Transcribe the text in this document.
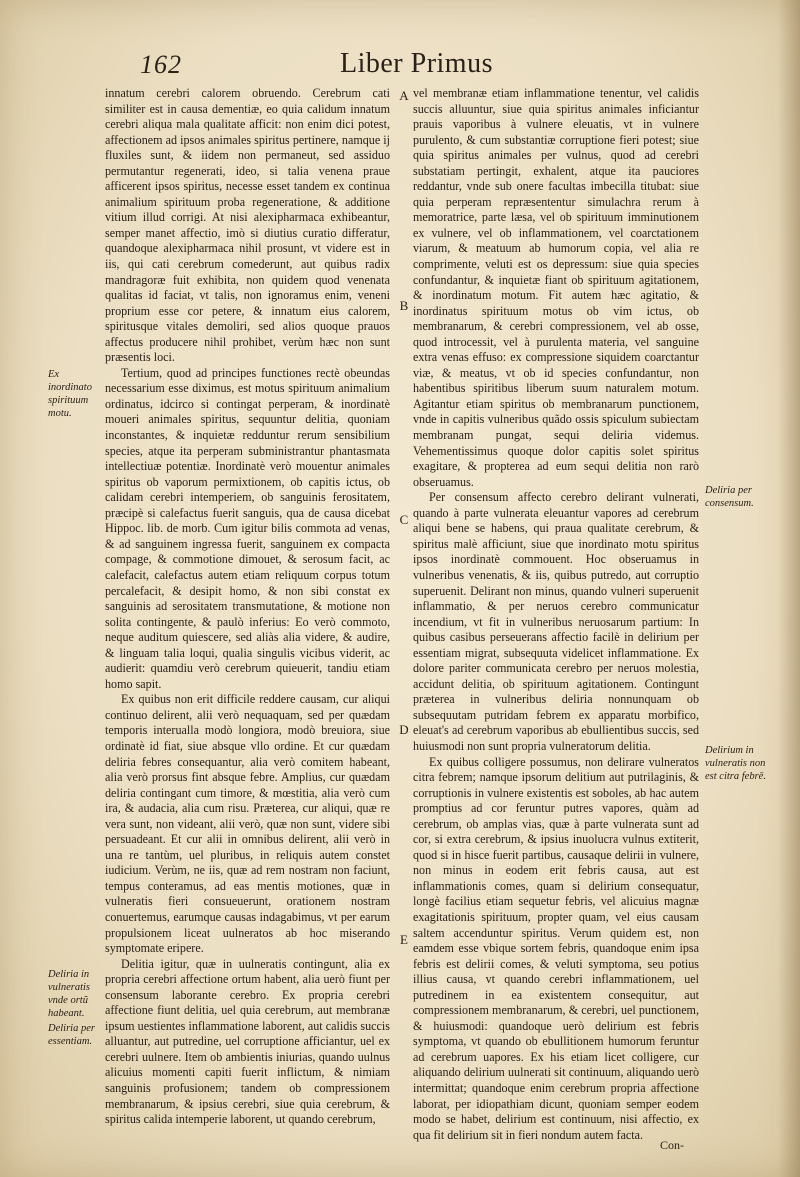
162	Liber Primus

innatum cerebri calorem obruendo. Cerebrum cati similiter est in causa dementiæ, eo quia calidum innatum cerebri aliqua mala qualitate afficit: non enim dici potest, affectionem ad ipsos animales spiritus pertinere, namque ij fluxiles sunt, & iidem non permaneut, sed assiduo permutantur regenerati, ideo, si talia venena praue afficerent ipsos spiritus, necesse esset tandem ex continua animalium spirituum proba regeneratione, & additione vitium illud corrigi. At nisi alexipharmaca exhibeantur, semper manet affectio, imò si diutius curatio differatur, quandoque alexipharmaca nihil prosunt, vt videre est in iis, qui cati cerebrum comederunt, aut quibus radix mandragoræ fuit exhibita, non quidem quod venenata qualitas id faciat, vt talis, non ignoramus enim, veneni proprium esse cor petere, & innatum eius calorem, spiritusque vitales demoliri, sed alios quoque prauos affectus producere nihil prohibet, verùm hæc non sunt præsentis loci.

Tertium, quod ad principes functiones rectè obeundas necessarium esse diximus, est motus spirituum animalium ordinatus, idcirco si contingat perperam, & inordinatè moueri animales spiritus, sequuntur delitia, quoniam inconstantes, & inquietæ redduntur rerum sensibilium species, atque ita perperam subministrantur phantasmata intellectiuæ potentiæ. Inordinatè verò mouentur animales spiritus ob vaporum permixtionem, ob capitis ictus, ob calidam cerebri intemperiem, ob sanguinis ferositatem, præcipè si calefactus fuerit sanguis, qua de causa dicebat Hippoc. lib. de morb. Cum igitur bilis commota ad venas, & ad sanguinem ingressa fuerit, sanguinem ex compacta compage, & commotione dimouet, & serosum facit, ac calefacit, calefactus autem etiam reliquum corpus totum percalefacit, & desipit homo, & non sibi constat ex sanguinis ad serositatem transmutatione, & motione non solita contingente, & paulò inferius: Eo verò commoto, neque auditum quiescere, sed aliàs alia videre, & audire, & linguam talia loqui, qualia singulis vicibus viderit, ac audierit: quamdiu verò cerebrum quieuerit, tandiu etiam homo sapit.

Ex quibus non erit difficile reddere causam, cur aliqui continuo delirent, alii verò nequaquam, sed per quædam temporis interualla modò longiora, modò breuiora, siue ordinatè id fiat, siue absque vllo ordine. Et cur quædam deliria febres consequantur, alia verò comitem habeant, alia verò prorsus fint absque febre. Amplius, cur quædam deliria contingant cum timore, & mœstitia, alia verò cum ira, & audacia, alia cum risu. Præterea, cur aliqui, quæ re vera sunt, non videant, alii verò, quæ non sunt, videre sibi persuadeant. Et cur alii in omnibus delirent, alii verò in una re tantùm, uel pluribus, in reliquis autem constet iudicium. Verùm, ne iis, quæ ad rem nostram non faciunt, tempus conteramus, ad eas mentis motiones, quæ in vulneratis fieri consueuerunt, orationem nostram conuertemus, earumque causas indagabimus, vt per earum propulsionem liceat uulneratos ab hoc miserando symptomate eripere.

Delitia igitur, quæ in uulneratis contingunt, alia ex propria cerebri affectione ortum habent, alia uerò fiunt per consensum laborante cerebro. Ex propria cerebri affectione fiunt delitia, uel quia cerebrum, aut membranæ ipsum uestientes inflammatione laborent, aut calidis succis alluantur, aut putredine, uel corruptione afficiantur, uel ex cerebri uulnere. Item ob ambientis iniurias, quando uulnus alicuius momenti capiti fuerit inflictum, & nimiam sanguinis profusionem; tandem ob compressionem membranarum, & ipsius cerebri, siue quia cerebrum, & spiritus calida intemperie laborent, ut quando cerebrum,

vel membranæ etiam inflammatione tenentur, vel calidis succis alluuntur, siue quia spiritus animales inficiantur prauis vaporibus à vulnere eleuatis, vt in vulnere purulento, & cum substantiæ corruptione fieri potest; siue quia spiritus animales per vulnus, quod ad cerebri substatiam pertingit, exhalent, atque ita pauciores reddantur, vnde sub onere facultas imbecilla titubat: siue quia perperam repræsententur simulachra rerum à memoratrice, parte læsa, vel ob spirituum imminutionem ex vulnere, vel ob inflammationem, vel coarctationem viarum, & meatuum ab humorum copia, vel alia re comprimente, veluti est os depressum: siue quia species confundantur, & inquietæ fiant ob spirituum agitationem, & inordinatum motum. Fit autem hæc agitatio, & inordinatus spirituum motus ob vim ictus, ob membranarum, & cerebri compressionem, vel ab osse, quod introcessit, vel à purulenta materia, vel sanguine extra venas effuso: ex compressione siquidem coarctantur viæ, & meatus, vt ob id species confundantur, non habentibus spiritibus liberum suum naturalem motum. Agitantur etiam spiritus ob membranarum punctionem, vnde in capitis vulneribus quãdo ossis spiculum subiectam membranam pungat, sequi deliria videmus. Vehementissimus quoque dolor capitis solet spiritus exagitare, & propterea ad eum sequi delitia non rarò obseruamus.

Per consensum affecto cerebro delirant vulnerati, quando à parte vulnerata eleuantur vapores ad cerebrum aliqui bene se habens, qui praua qualitate cerebrum, & spiritus malè afficiunt, siue que inordinato motu spiritus ipsos inordinatè commouent. Hoc obseruamus in vulneribus venenatis, & iis, quibus putredo, aut corruptio superuenit. Delirant non minus, quando vulneri superuenit inflammatio, & per neruos cerebro communicatur incendium, vt fit in vulneribus neruosarum partium: In quibus casibus perseuerans affectio facilè in delirium per essentiam migrat, subsequuta videlicet inflammatione. Ex dolore pariter communicata cerebro per neruos molestia, accidunt delitia, ob spirituum agitationem. Contingunt præterea in vulneribus deliria nonnunquam ob subsequutam putridam febrem ex apparatu morbifico, eleuat's ad cerebrum vaporibus ab ebullientibus succis, sed huiusmodi non sunt propria vulneratorum delitia.

Ex quibus colligere possumus, non delirare vulneratos citra febrem; namque ipsorum delitium aut putrilaginis, & corruptionis in vulnere existentis est soboles, ab hac autem promptius ad cor feruntur putres vapores, quàm ad cerebrum, ob amplas vias, quæ à parte vulnerata sunt ad cor, si extra cerebrum, & ipsius inuolucra vulnus extiterit, quod si in hisce fuerit partibus, causaque delirii in vulnere, non minus in eodem erit febris causa, aut est inflammationis comes, quam si delirium consequatur, longè facilius etiam sequetur febris, vel alicuius magnæ exagitationis spirituum, propter quam, vel eius causam saltem accenduntur spiritus. Verum quidem est, non eamdem esse vbique sortem febris, quandoque enim ipsa febris est delirii comes, & veluti symptoma, seu potius illius causa, vt quando cerebri inflammationem, uel putredinem in ea existentem consequitur, aut compressionem membranarum, & cerebri, uel punctionem, & huiusmodi: quandoque uerò delirium est febris symptoma, vt quando ob ebullitionem humorum feruntur ad cerebrum uapores. Ex his etiam licet colligere, cur aliquando delirium uulnerati sit continuum, aliquando uerò intermittat; quandoque enim cerebrum propria affectione laborat, per idiopathiam dicunt, quoniam semper eodem modo se habet, delirium est continuum, nisi affectio, ex qua fit delirium sit in fieri nondum autem facta.

Ex inordinato spirituum motu.
Deliria in vulneratis vnde ortũ habeant.
Deliria per essentiam.
Deliria per consensum.
Delirium in vulneratis non est citra febrē.
A
B
C
D
E
Con-
